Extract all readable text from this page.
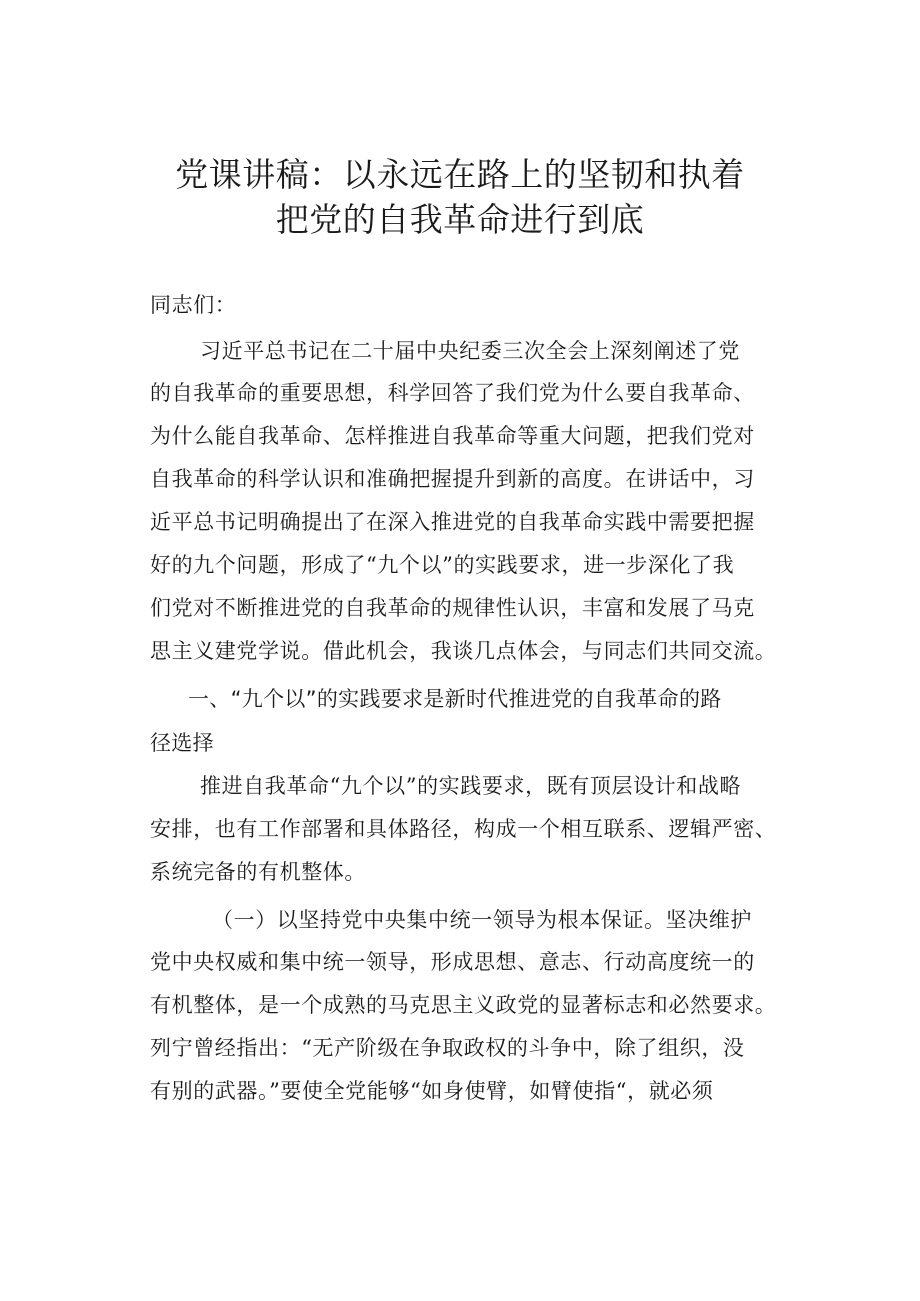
党课讲稿：以永远在路上的坚韧和执着
把党的自我革命进行到底

同志们：

习近平总书记在二十届中央纪委三次全会上深刻阐述了党

的自我革命的重要思想，科学回答了我们党为什么要自我革命、

为什么能自我革命、怎样推进自我革命等重大问题，把我们党对

自我革命的科学认识和准确把握提升到新的高度。在讲话中，习

近平总书记明确提出了在深入推进党的自我革命实践中需要把握

好的九个问题，形成了“九个以”的实践要求，进一步深化了我

们党对不断推进党的自我革命的规律性认识，丰富和发展了马克

思主义建党学说。借此机会，我谈几点体会，与同志们共同交流。

一、“九个以”的实践要求是新时代推进党的自我革命的路
径选择

推进自我革命“九个以”的实践要求，既有顶层设计和战略

安排，也有工作部署和具体路径，构成一个相互联系、逻辑严密、

系统完备的有机整体。

（一）以坚持党中央集中统一领导为根本保证。坚决维护

党中央权威和集中统一领导，形成思想、意志、行动高度统一的

有机整体，是一个成熟的马克思主义政党的显著标志和必然要求。

列宁曾经指出：“无产阶级在争取政权的斗争中，除了组织，没

有别的武器。”要使全党能够“如身使臂，如臂使指“，就必须
